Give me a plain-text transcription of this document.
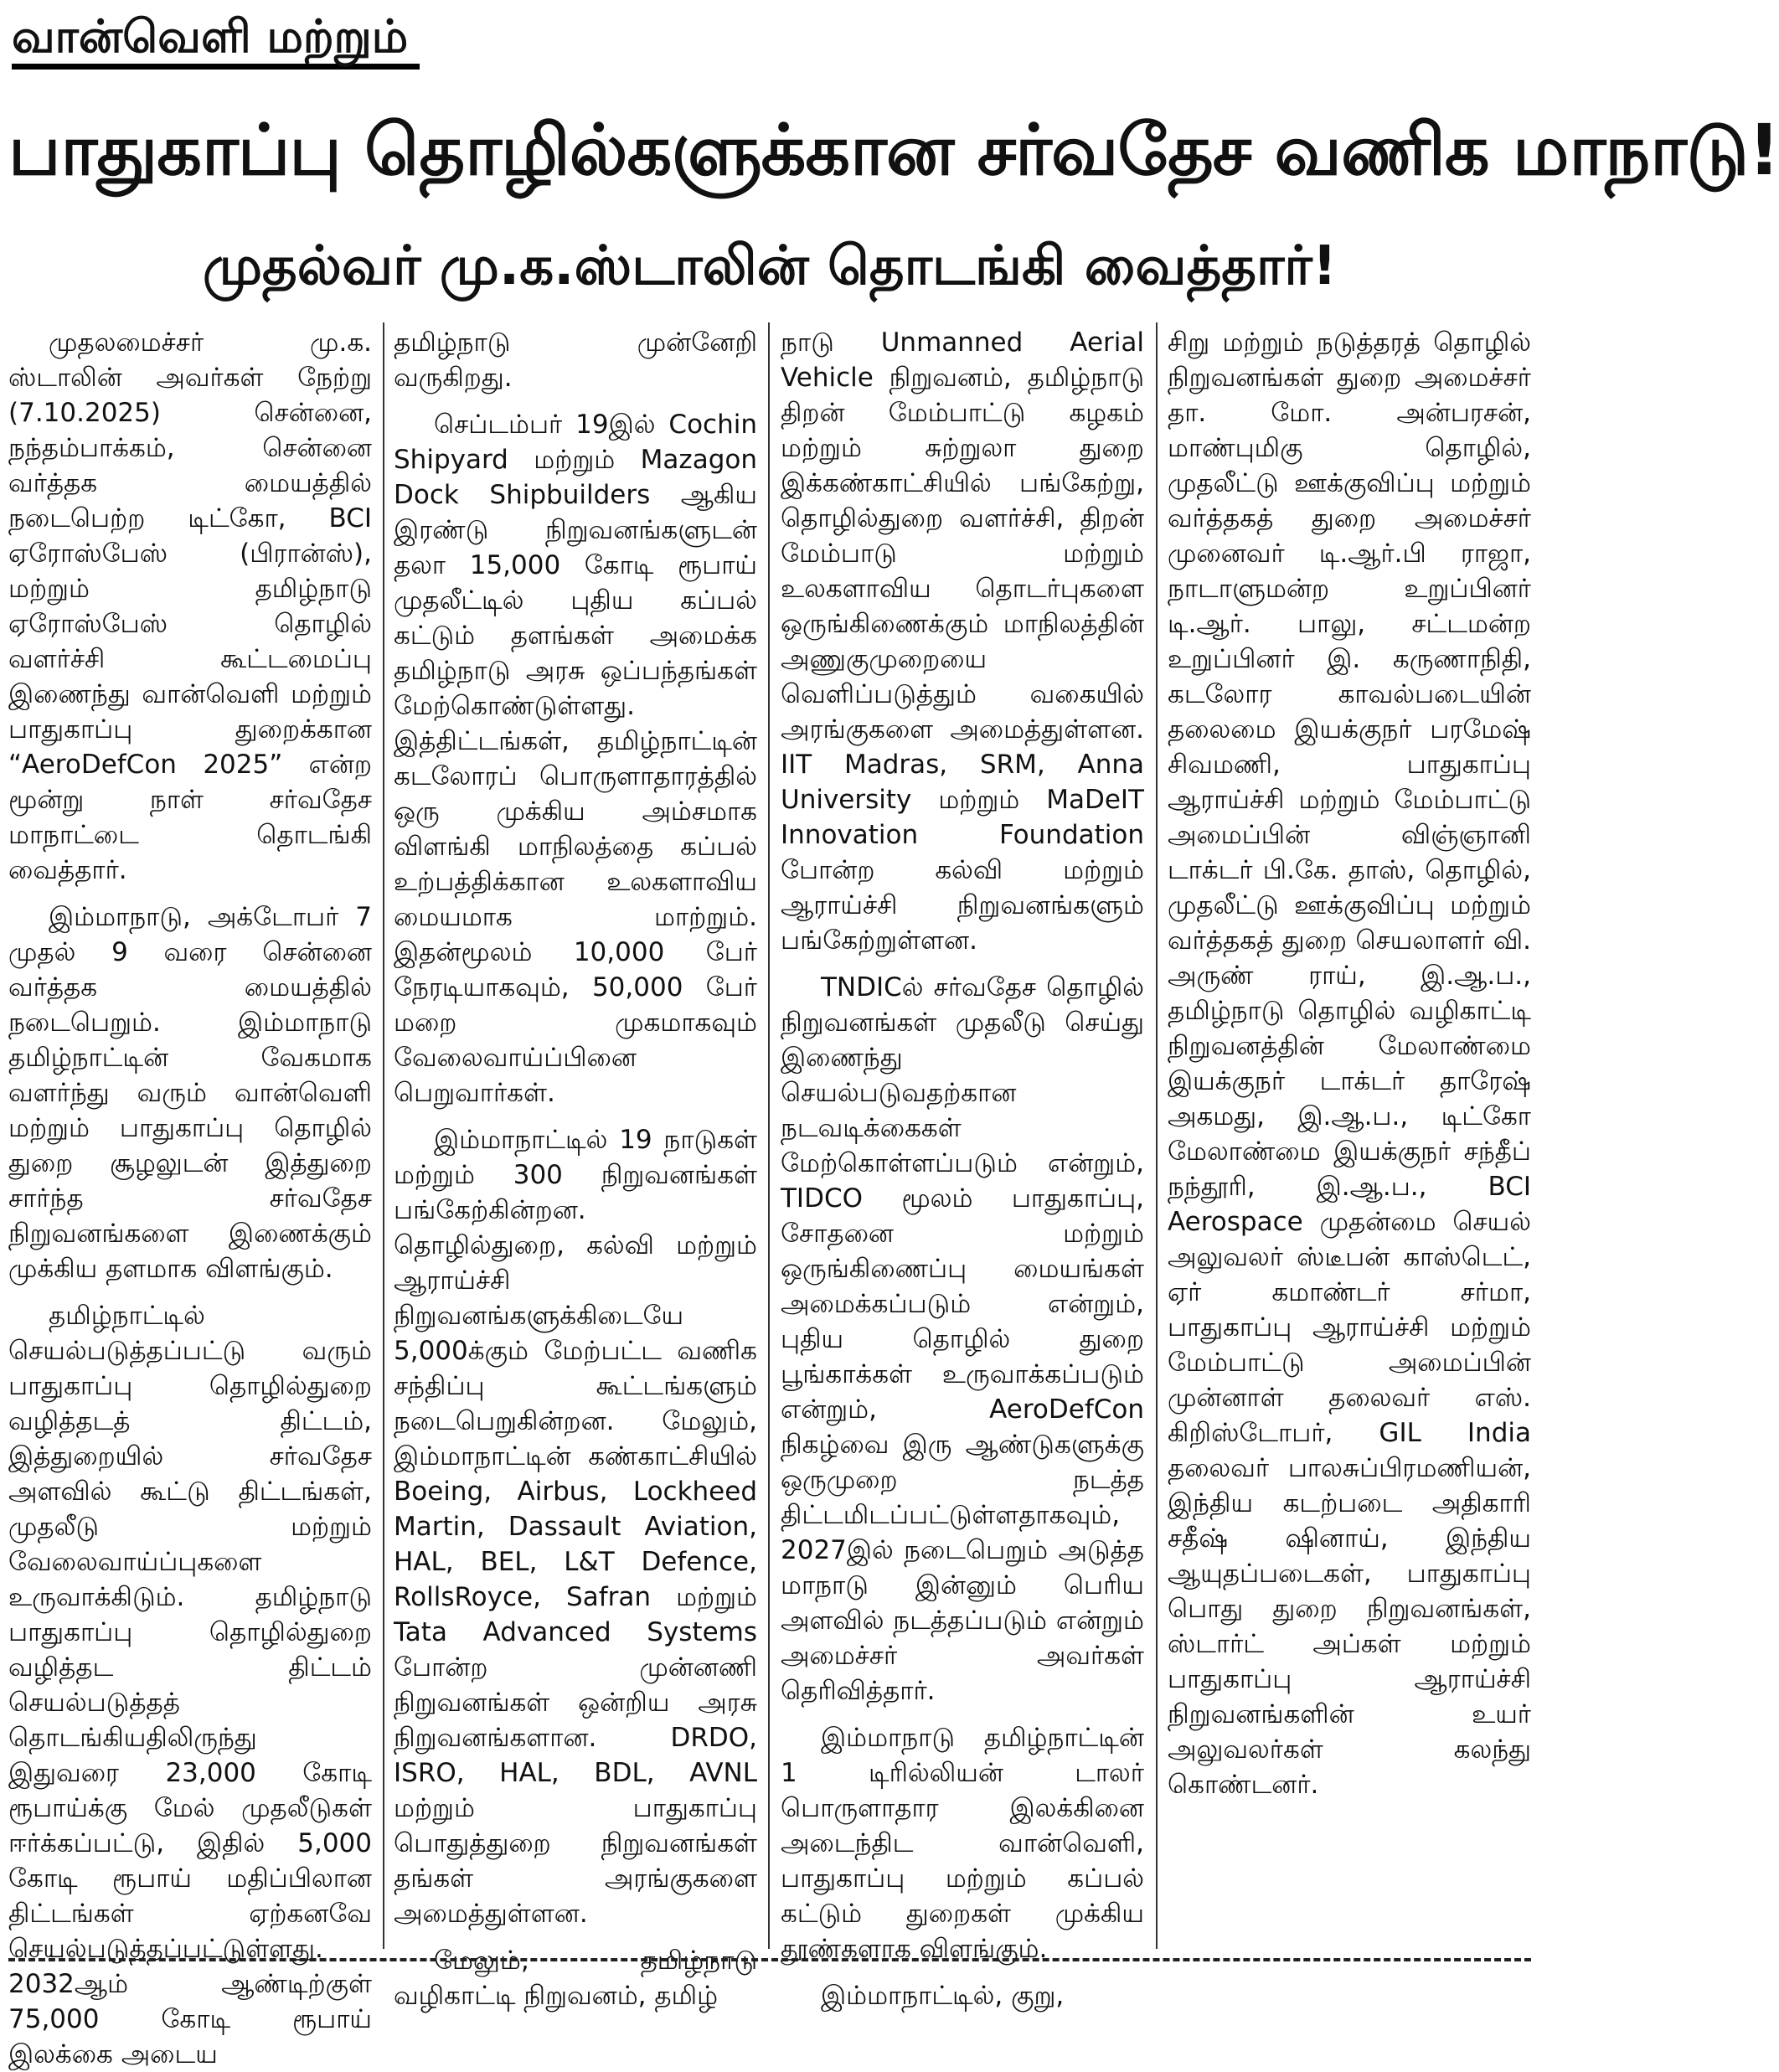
வான்வெளி மற்றும்
பாதுகாப்பு தொழில்களுக்கான சர்வதேச வணிக மாநாடு!
முதல்வர் மு.க.ஸ்டாலின் தொடங்கி வைத்தார்!

முதலமைச்சர் மு.க. ஸ்டாலின் அவர்கள் நேற்று (7.10.2025) சென்னை, நந்தம்பாக்கம், சென்னை வர்த்தக மையத்தில் நடைபெற்ற டிட்கோ, BCI ஏரோஸ்பேஸ் (பிரான்ஸ்), மற்றும் தமிழ்நாடு ஏரோஸ்பேஸ் தொழில் வளர்ச்சி கூட்டமைப்பு இணைந்து வான்வெளி மற்றும் பாதுகாப்பு துறைக்கான “AeroDefCon 2025” என்ற மூன்று நாள் சர்வதேச மாநாட்டை தொடங்கி வைத்தார்.

இம்மாநாடு, அக்டோபர் 7 முதல் 9 வரை சென்னை வர்த்தக மையத்தில் நடைபெறும். இம்மாநாடு தமிழ்நாட்டின் வேகமாக வளர்ந்து வரும் வான்வெளி மற்றும் பாதுகாப்பு தொழில் துறை சூழலுடன் இத்துறை சார்ந்த சர்வதேச நிறுவனங்களை இணைக்கும் முக்கிய தளமாக விளங்கும்.

தமிழ்நாட்டில் செயல்படுத்தப்பட்டு வரும் பாதுகாப்பு தொழில்துறை வழித்தடத் திட்டம், இத்துறையில் சர்வதேச அளவில் கூட்டு திட்டங்கள், முதலீடு மற்றும் வேலைவாய்ப்புகளை உருவாக்கிடும். தமிழ்நாடு பாதுகாப்பு தொழில்துறை வழித்தட திட்டம் செயல்படுத்தத் தொடங்கியதிலிருந்து இதுவரை 23,000 கோடி ரூபாய்க்கு மேல் முதலீடுகள் ஈர்க்கப்பட்டு, இதில் 5,000 கோடி ரூபாய் மதிப்பிலான திட்டங்கள் ஏற்கனவே செயல்படுத்தப்பட்டுள்ளது. 2032ஆம் ஆண்டிற்குள் 75,000 கோடி ரூபாய் இலக்கை அடைய

தமிழ்நாடு முன்னேறி வருகிறது.

செப்டம்பர் 19இல் Cochin Shipyard மற்றும் Mazagon Dock Shipbuilders ஆகிய இரண்டு நிறுவனங்களுடன் தலா 15,000 கோடி ரூபாய் முதலீட்டில் புதிய கப்பல் கட்டும் தளங்கள் அமைக்க தமிழ்நாடு அரசு ஒப்பந்தங்கள் மேற்கொண்டுள்ளது. இத்திட்டங்கள், தமிழ்நாட்டின் கடலோரப் பொருளாதாரத்தில் ஒரு முக்கிய அம்சமாக விளங்கி மாநிலத்தை கப்பல் உற்பத்திக்கான உலகளாவிய மையமாக மாற்றும். இதன்மூலம் 10,000 பேர் நேரடியாகவும், 50,000 பேர் மறை முகமாகவும் வேலைவாய்ப்பினை பெறுவார்கள்.

இம்மாநாட்டில் 19 நாடுகள் மற்றும் 300 நிறுவனங்கள் பங்கேற்கின்றன. தொழில்துறை, கல்வி மற்றும் ஆராய்ச்சி நிறுவனங்களுக்கிடையே 5,000க்கும் மேற்பட்ட வணிக சந்திப்பு கூட்டங்களும் நடைபெறுகின்றன. மேலும், இம்மாநாட்டின் கண்காட்சியில் Boeing, Airbus, Lockheed Martin, Dassault Aviation, HAL, BEL, L&T Defence, RollsRoyce, Safran மற்றும் Tata Advanced Systems போன்ற முன்னணி நிறுவனங்கள் ஒன்றிய அரசு நிறுவனங்களான. DRDO, ISRO, HAL, BDL, AVNL மற்றும் பாதுகாப்பு பொதுத்துறை நிறுவனங்கள் தங்கள் அரங்குகளை அமைத்துள்ளன.

மேலும், தமிழ்நாடு வழிகாட்டி நிறுவனம், தமிழ்

நாடு Unmanned Aerial Vehicle நிறுவனம், தமிழ்நாடு திறன் மேம்பாட்டு கழகம் மற்றும் சுற்றுலா துறை இக்கண்காட்சியில் பங்கேற்று, தொழில்துறை வளர்ச்சி, திறன் மேம்பாடு மற்றும் உலகளாவிய தொடர்புகளை ஒருங்கிணைக்கும் மாநிலத்தின் அணுகுமுறையை வெளிப்படுத்தும் வகையில் அரங்குகளை அமைத்துள்ளன. IIT Madras, SRM, Anna University மற்றும் MaDeIT Innovation Foundation போன்ற கல்வி மற்றும் ஆராய்ச்சி நிறுவனங்களும் பங்கேற்றுள்ளன.

TNDICல் சர்வதேச தொழில் நிறுவனங்கள் முதலீடு செய்து இணைந்து செயல்படுவதற்கான நடவடிக்கைகள் மேற்கொள்ளப்படும் என்றும், TIDCO மூலம் பாதுகாப்பு, சோதனை மற்றும் ஒருங்கிணைப்பு மையங்கள் அமைக்கப்படும் என்றும், புதிய தொழில் துறை பூங்காக்கள் உருவாக்கப்படும் என்றும், AeroDefCon நிகழ்வை இரு ஆண்டுகளுக்கு ஒருமுறை நடத்த திட்டமிடப்பட்டுள்ளதாகவும், 2027இல் நடைபெறும் அடுத்த மாநாடு இன்னும் பெரிய அளவில் நடத்தப்படும் என்றும் அமைச்சர் அவர்கள் தெரிவித்தார்.

இம்மாநாடு தமிழ்நாட்டின் 1 டிரில்லியன் டாலர் பொருளாதார இலக்கினை அடைந்திட வான்வெளி, பாதுகாப்பு மற்றும் கப்பல் கட்டும் துறைகள் முக்கிய தூண்களாக விளங்கும்.

இம்மாநாட்டில், குறு,

சிறு மற்றும் நடுத்தரத் தொழில் நிறுவனங்கள் துறை அமைச்சர் தா. மோ. அன்பரசன், மாண்புமிகு தொழில், முதலீட்டு ஊக்குவிப்பு மற்றும் வர்த்தகத் துறை அமைச்சர் முனைவர் டி.ஆர்.பி ராஜா, நாடாளுமன்ற உறுப்பினர் டி.ஆர். பாலு, சட்டமன்ற உறுப்பினர் இ. கருணாநிதி, கடலோர காவல்படையின் தலைமை இயக்குநர் பரமேஷ் சிவமணி, பாதுகாப்பு ஆராய்ச்சி மற்றும் மேம்பாட்டு அமைப்பின் விஞ்ஞானி டாக்டர் பி.கே. தாஸ், தொழில், முதலீட்டு ஊக்குவிப்பு மற்றும் வர்த்தகத் துறை செயலாளர் வி. அருண் ராய், இ.ஆ.ப., தமிழ்நாடு தொழில் வழிகாட்டி நிறுவனத்தின் மேலாண்மை இயக்குநர் டாக்டர் தாரேஷ் அகமது, இ.ஆ.ப., டிட்கோ மேலாண்மை இயக்குநர் சந்தீப் நந்தூரி, இ.ஆ.ப., BCI Aerospace முதன்மை செயல் அலுவலர் ஸ்டீபன் காஸ்டெட், ஏர் கமாண்டர் சர்மா, பாதுகாப்பு ஆராய்ச்சி மற்றும் மேம்பாட்டு அமைப்பின் முன்னாள் தலைவர் எஸ். கிறிஸ்டோபர், GIL India தலைவர் பாலசுப்பிரமணியன், இந்திய கடற்படை அதிகாரி சதீஷ் ஷினாய், இந்திய ஆயுதப்படைகள், பாதுகாப்பு பொது துறை நிறுவனங்கள், ஸ்டார்ட் அப்கள் மற்றும் பாதுகாப்பு ஆராய்ச்சி நிறுவனங்களின் உயர் அலுவலர்கள் கலந்து கொண்டனர்.
